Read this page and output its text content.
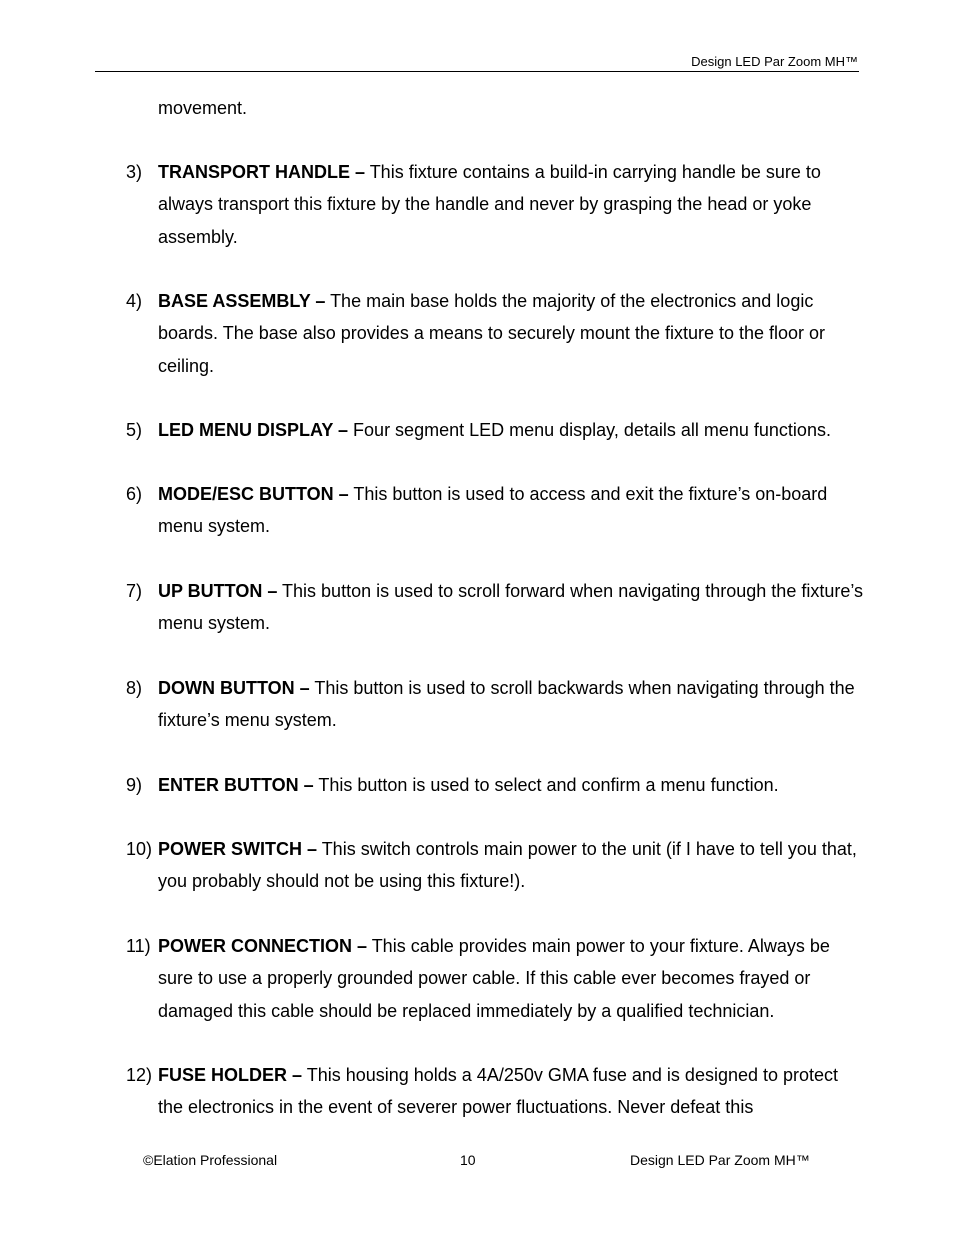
Design LED Par Zoom MH™
movement.
3) TRANSPORT HANDLE – This fixture contains a build-in carrying handle be sure to always transport this fixture by the handle and never by grasping the head or yoke assembly.
4) BASE ASSEMBLY – The main base holds the majority of the electronics and logic boards. The base also provides a means to securely mount the fixture to the floor or ceiling.
5) LED MENU DISPLAY – Four segment LED menu display, details all menu functions.
6) MODE/ESC BUTTON – This button is used to access and exit the fixture’s on-board menu system.
7) UP BUTTON – This button is used to scroll forward when navigating through the fixture’s menu system.
8) DOWN BUTTON – This button is used to scroll backwards when navigating through the fixture’s menu system.
9) ENTER BUTTON – This button is used to select and confirm a menu function.
10) POWER SWITCH – This switch controls main power to the unit (if I have to tell you that, you probably should not be using this fixture!).
11) POWER CONNECTION – This cable provides main power to your fixture. Always be sure to use a properly grounded power cable. If this cable ever becomes frayed or damaged this cable should be replaced immediately by a qualified technician.
12) FUSE HOLDER – This housing holds a 4A/250v GMA fuse and is designed to protect the electronics in the event of severer power fluctuations. Never defeat this
©Elation Professional	10	Design LED Par Zoom MH™
